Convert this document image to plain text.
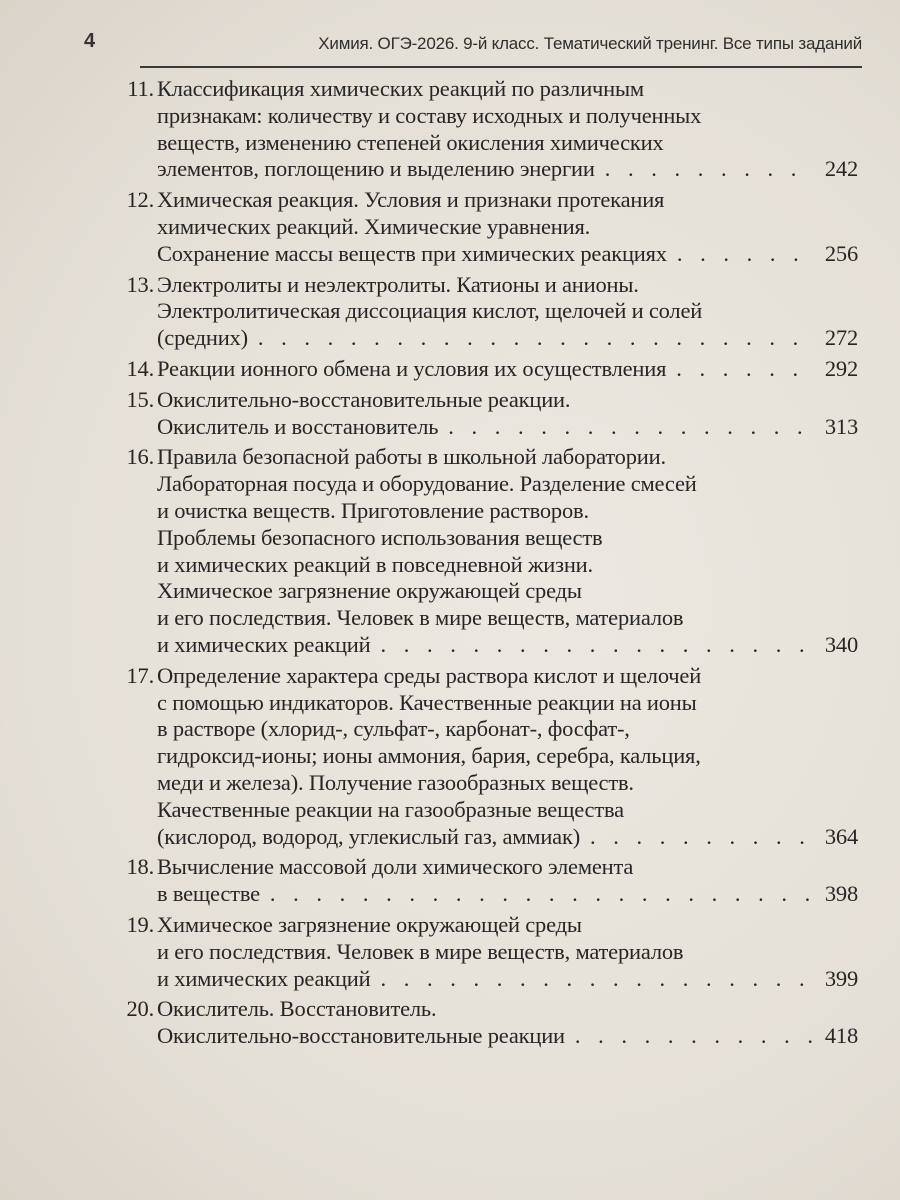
4	Химия. ОГЭ-2026. 9-й класс. Тематический тренинг. Все типы заданий
11. Классификация химических реакций по различным
признакам: количеству и составу исходных и полученных
веществ, изменению степеней окисления химических
элементов, поглощению и выделению энергии . . .	242
12. Химическая реакция. Условия и признаки протекания
химических реакций. Химические уравнения.
Сохранение массы веществ при химических реакциях . . .	256
13. Электролиты и неэлектролиты. Катионы и анионы.
Электролитическая диссоциация кислот, щелочей и солей
(средних) . . .	272
14. Реакции ионного обмена и условия их осуществления . . .	292
15. Окислительно-восстановительные реакции.
Окислитель и восстановитель . . .	313
16. Правила безопасной работы в школьной лаборатории.
Лабораторная посуда и оборудование. Разделение смесей
и очистка веществ. Приготовление растворов.
Проблемы безопасного использования веществ
и химических реакций в повседневной жизни.
Химическое загрязнение окружающей среды
и его последствия. Человек в мире веществ, материалов
и химических реакций . . .	340
17. Определение характера среды раствора кислот и щелочей
с помощью индикаторов. Качественные реакции на ионы
в растворе (хлорид-, сульфат-, карбонат-, фосфат-,
гидроксид-ионы; ионы аммония, бария, серебра, кальция,
меди и железа). Получение газообразных веществ.
Качественные реакции на газообразные вещества
(кислород, водород, углекислый газ, аммиак) . . .	364
18. Вычисление массовой доли химического элемента
в веществе . . .	398
19. Химическое загрязнение окружающей среды
и его последствия. Человек в мире веществ, материалов
и химических реакций . . .	399
20. Окислитель. Восстановитель.
Окислительно-восстановительные реакции . . .	418
